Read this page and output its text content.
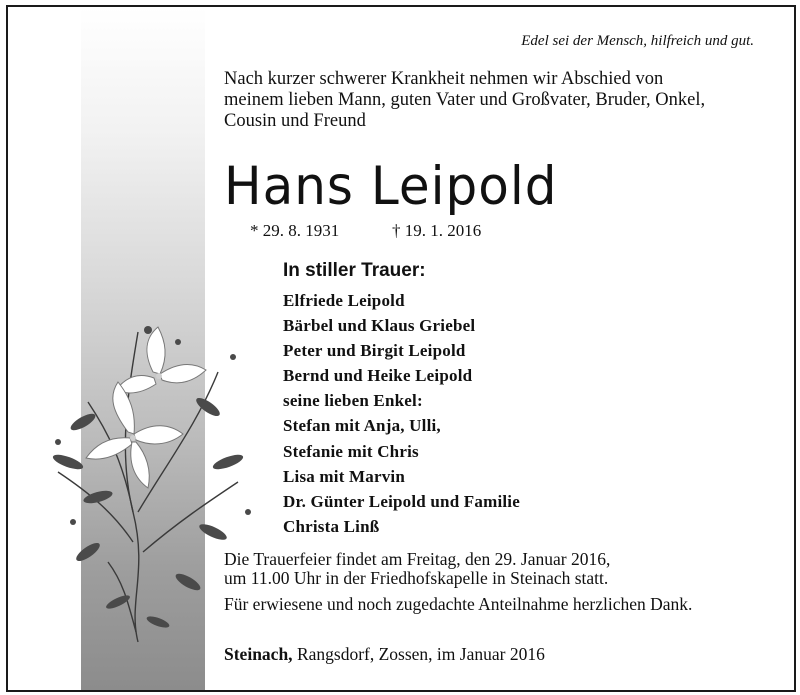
Edel sei der Mensch, hilfreich und gut.
Nach kurzer schwerer Krankheit nehmen wir Abschied von
meinem lieben Mann, guten Vater und Großvater, Bruder, Onkel,
Cousin und Freund
Hans Leipold
* 29. 8. 1931	† 19. 1. 2016
In stiller Trauer:
Elfriede Leipold
Bärbel und Klaus Griebel
Peter und Birgit Leipold
Bernd und Heike Leipold
seine lieben Enkel:
Stefan mit Anja, Ulli,
Stefanie mit Chris
Lisa mit Marvin
Dr. Günter Leipold und Familie
Christa Linß
Die Trauerfeier findet am Freitag, den 29. Januar 2016,
um 11.00 Uhr in der Friedhofskapelle in Steinach statt.
Für erwiesene und noch zugedachte Anteilnahme herzlichen Dank.
Steinach, Rangsdorf, Zossen, im Januar 2016
